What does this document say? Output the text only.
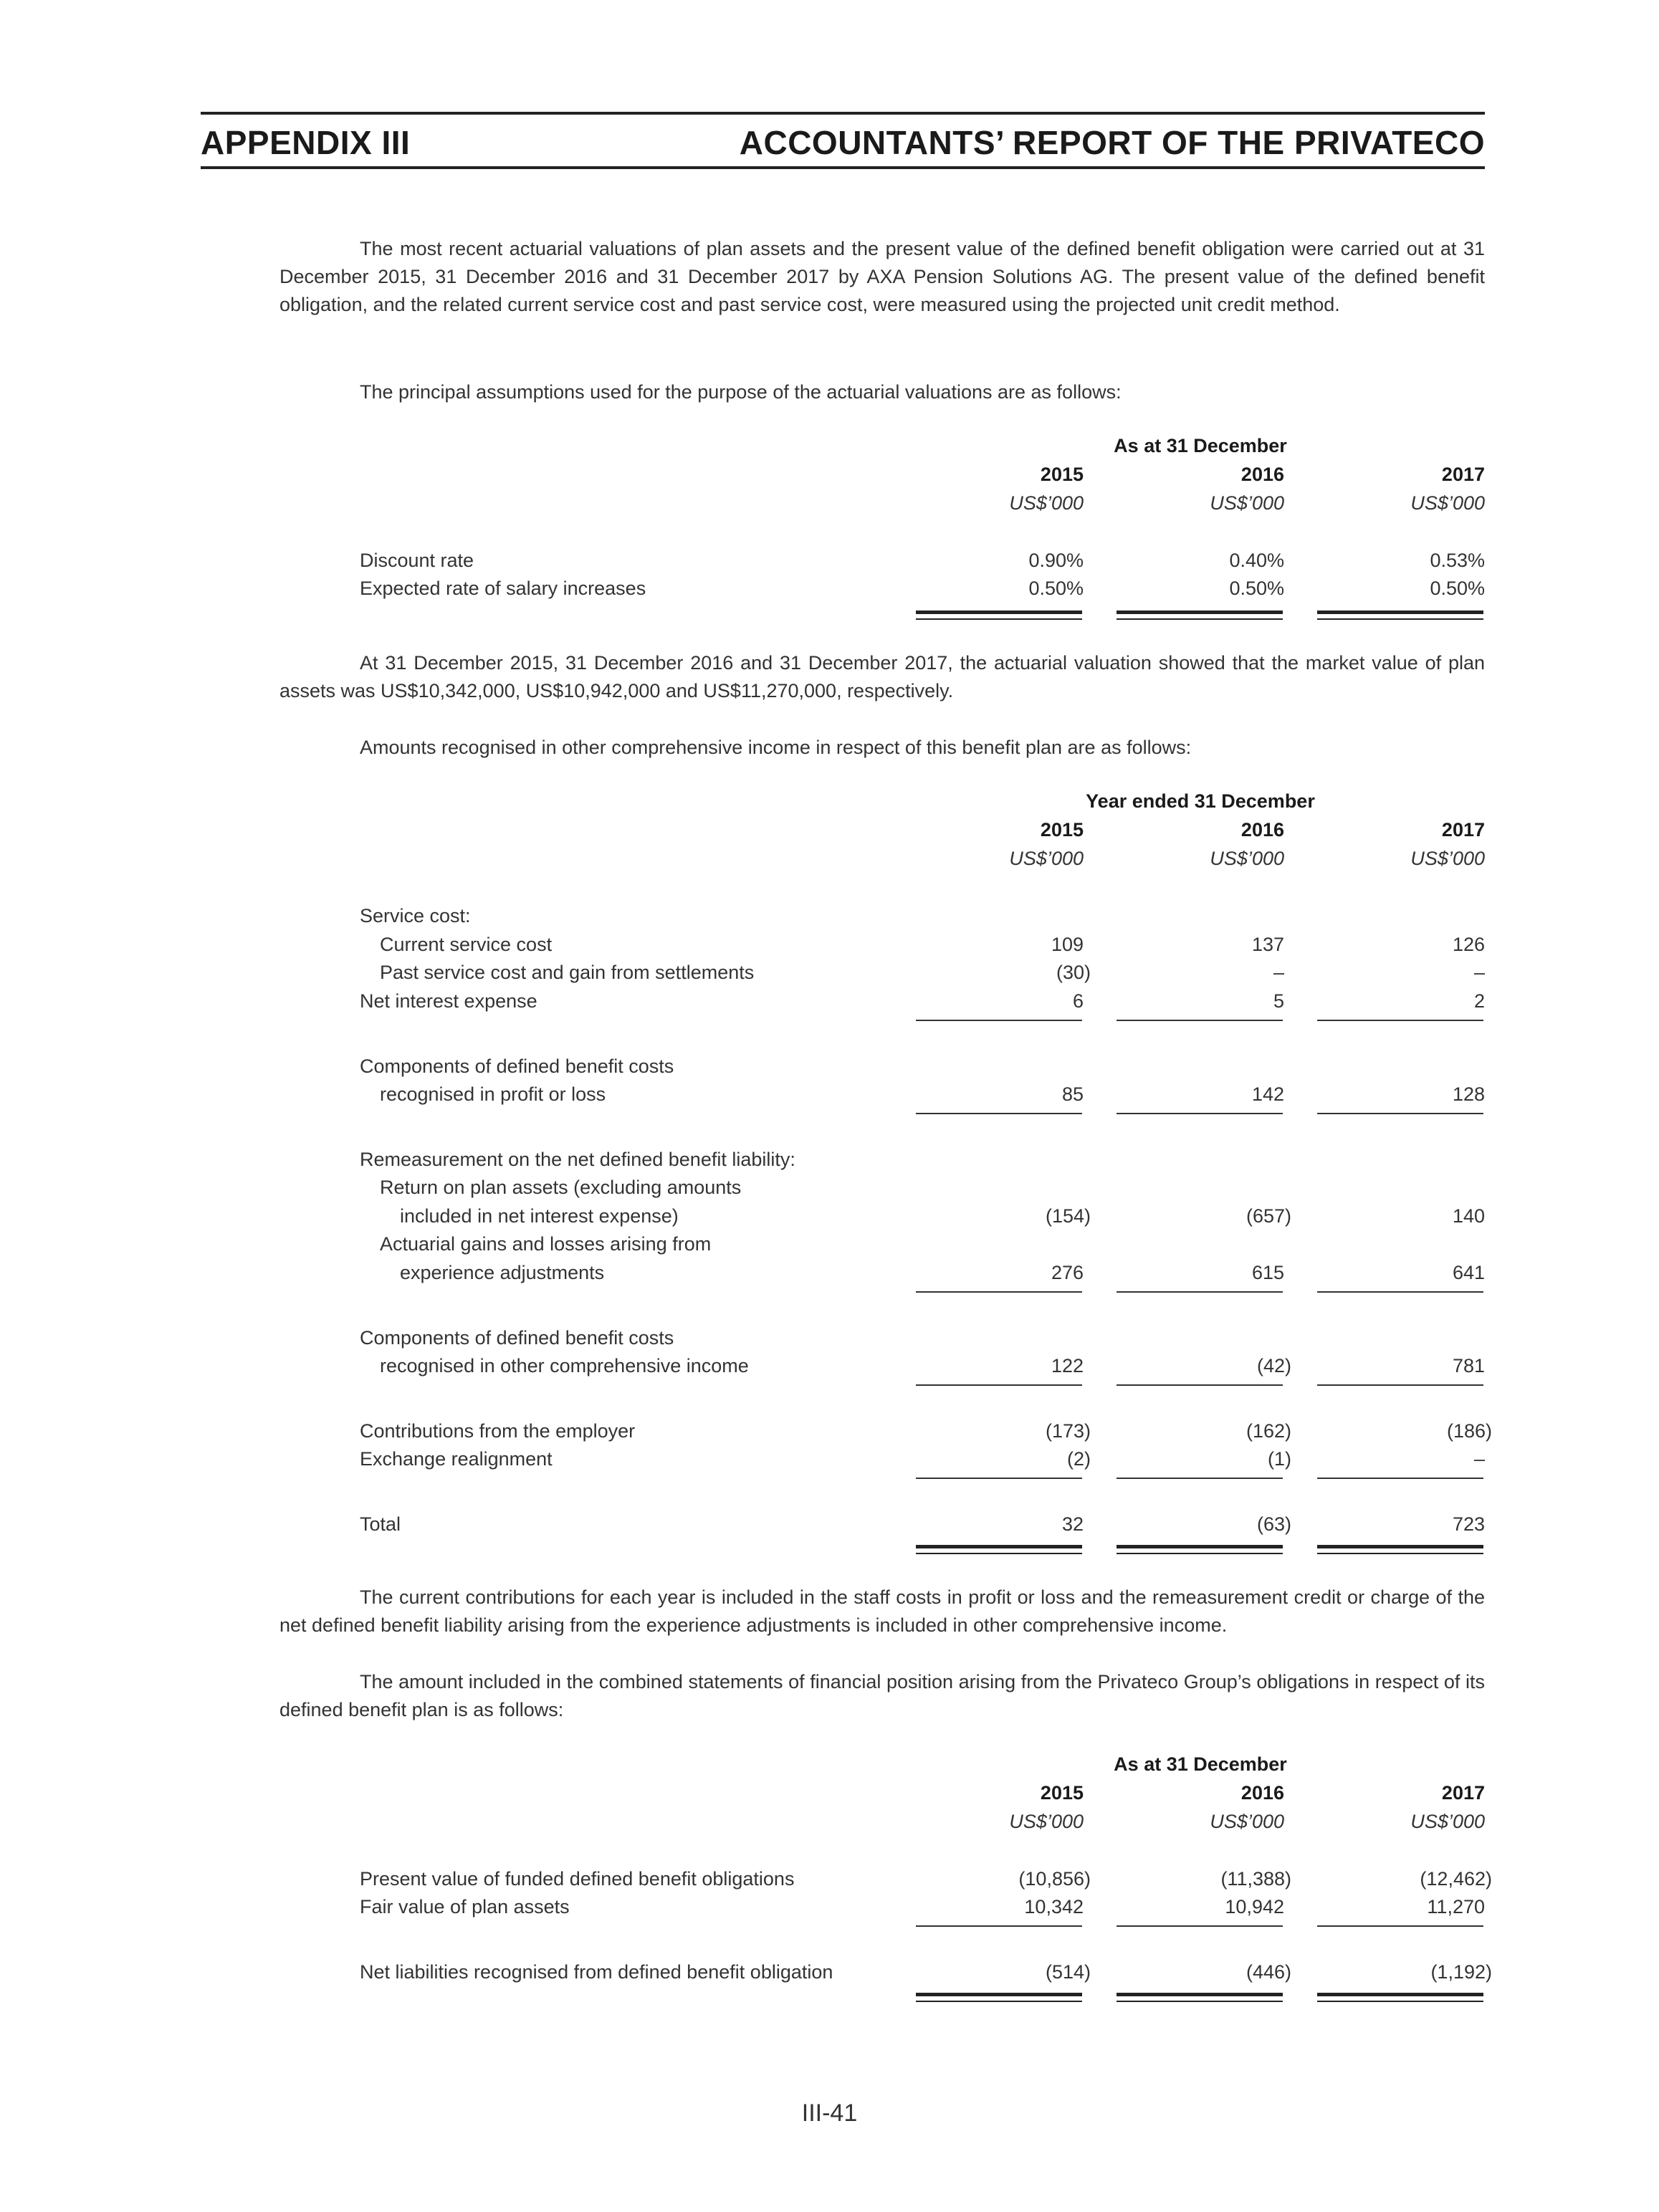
APPENDIX III	ACCOUNTANTS’ REPORT OF THE PRIVATECO
The most recent actuarial valuations of plan assets and the present value of the defined benefit obligation were carried out at 31 December 2015, 31 December 2016 and 31 December 2017 by AXA Pension Solutions AG. The present value of the defined benefit obligation, and the related current service cost and past service cost, were measured using the projected unit credit method.
The principal assumptions used for the purpose of the actuarial valuations are as follows:
As at 31 December
2015	2016	2017
US$’000	US$’000	US$’000
Discount rate	0.90%	0.40%	0.53%
Expected rate of salary increases	0.50%	0.50%	0.50%
At 31 December 2015, 31 December 2016 and 31 December 2017, the actuarial valuation showed that the market value of plan assets was US$10,342,000, US$10,942,000 and US$11,270,000, respectively.
Amounts recognised in other comprehensive income in respect of this benefit plan are as follows:
Year ended 31 December
2015	2016	2017
US$’000	US$’000	US$’000
Service cost:
Current service cost	109	137	126
Past service cost and gain from settlements	(30)	–	–
Net interest expense	6	5	2
Components of defined benefit costs
recognised in profit or loss	85	142	128
Remeasurement on the net defined benefit liability:
Return on plan assets (excluding amounts
included in net interest expense)	(154)	(657)	140
Actuarial gains and losses arising from
experience adjustments	276	615	641
Components of defined benefit costs
recognised in other comprehensive income	122	(42)	781
Contributions from the employer	(173)	(162)	(186)
Exchange realignment	(2)	(1)	–
Total	32	(63)	723
The current contributions for each year is included in the staff costs in profit or loss and the remeasurement credit or charge of the net defined benefit liability arising from the experience adjustments is included in other comprehensive income.
The amount included in the combined statements of financial position arising from the Privateco Group’s obligations in respect of its defined benefit plan is as follows:
As at 31 December
2015	2016	2017
US$’000	US$’000	US$’000
Present value of funded defined benefit obligations	(10,856)	(11,388)	(12,462)
Fair value of plan assets	10,342	10,942	11,270
Net liabilities recognised from defined benefit obligation	(514)	(446)	(1,192)
III-41
